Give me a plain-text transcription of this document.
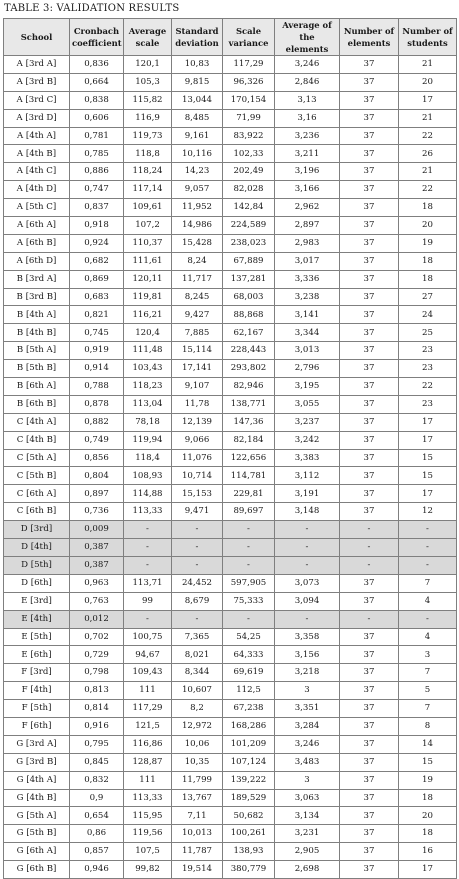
TABLE 3: VALIDATION RESULTS
School	Cronbach coefficient	Average scale	Standard deviation	Scale variance	Average of the elements	Number of elements	Number of students
A [3rd A]	0,836	120,1	10,83	117,29	3,246	37	21
A [3rd B]	0,664	105,3	9,815	96,326	2,846	37	20
A [3rd C]	0,838	115,82	13,044	170,154	3,13	37	17
A [3rd D]	0,606	116,9	8,485	71,99	3,16	37	21
A [4th A]	0,781	119,73	9,161	83,922	3,236	37	22
A [4th B]	0,785	118,8	10,116	102,33	3,211	37	26
A [4th C]	0,886	118,24	14,23	202,49	3,196	37	21
A [4th D]	0,747	117,14	9,057	82,028	3,166	37	22
A [5th C]	0,837	109,61	11,952	142,84	2,962	37	18
A [6th A]	0,918	107,2	14,986	224,589	2,897	37	20
A [6th B]	0,924	110,37	15,428	238,023	2,983	37	19
A [6th D]	0,682	111,61	8,24	67,889	3,017	37	18
B [3rd A]	0,869	120,11	11,717	137,281	3,336	37	18
B [3rd B]	0,683	119,81	8,245	68,003	3,238	37	27
B [4th A]	0,821	116,21	9,427	88,868	3,141	37	24
B [4th B]	0,745	120,4	7,885	62,167	3,344	37	25
B [5th A]	0,919	111,48	15,114	228,443	3,013	37	23
B [5th B]	0,914	103,43	17,141	293,802	2,796	37	23
B [6th A]	0,788	118,23	9,107	82,946	3,195	37	22
B [6th B]	0,878	113,04	11,78	138,771	3,055	37	23
C [4th A]	0,882	78,18	12,139	147,36	3,237	37	17
C [4th B]	0,749	119,94	9,066	82,184	3,242	37	17
C [5th A]	0,856	118,4	11,076	122,656	3,383	37	15
C [5th B]	0,804	108,93	10,714	114,781	3,112	37	15
C [6th A]	0,897	114,88	15,153	229,81	3,191	37	17
C [6th B]	0,736	113,33	9,471	89,697	3,148	37	12
D [3rd]	0,009	-	-	-	-	-	-
D [4th]	0,387	-	-	-	-	-	-
D [5th]	0,387	-	-	-	-	-	-
D [6th]	0,963	113,71	24,452	597,905	3,073	37	7
E [3rd]	0,763	99	8,679	75,333	3,094	37	4
E [4th]	0,012	-	-	-	-	-	-
E [5th]	0,702	100,75	7,365	54,25	3,358	37	4
E [6th]	0,729	94,67	8,021	64,333	3,156	37	3
F [3rd]	0,798	109,43	8,344	69,619	3,218	37	7
F [4th]	0,813	111	10,607	112,5	3	37	5
F [5th]	0,814	117,29	8,2	67,238	3,351	37	7
F [6th]	0,916	121,5	12,972	168,286	3,284	37	8
G [3rd A]	0,795	116,86	10,06	101,209	3,246	37	14
G [3rd B]	0,845	128,87	10,35	107,124	3,483	37	15
G [4th A]	0,832	111	11,799	139,222	3	37	19
G [4th B]	0,9	113,33	13,767	189,529	3,063	37	18
G [5th A]	0,654	115,95	7,11	50,682	3,134	37	20
G [5th B]	0,86	119,56	10,013	100,261	3,231	37	18
G [6th A]	0,857	107,5	11,787	138,93	2,905	37	16
G [6th B]	0,946	99,82	19,514	380,779	2,698	37	17
